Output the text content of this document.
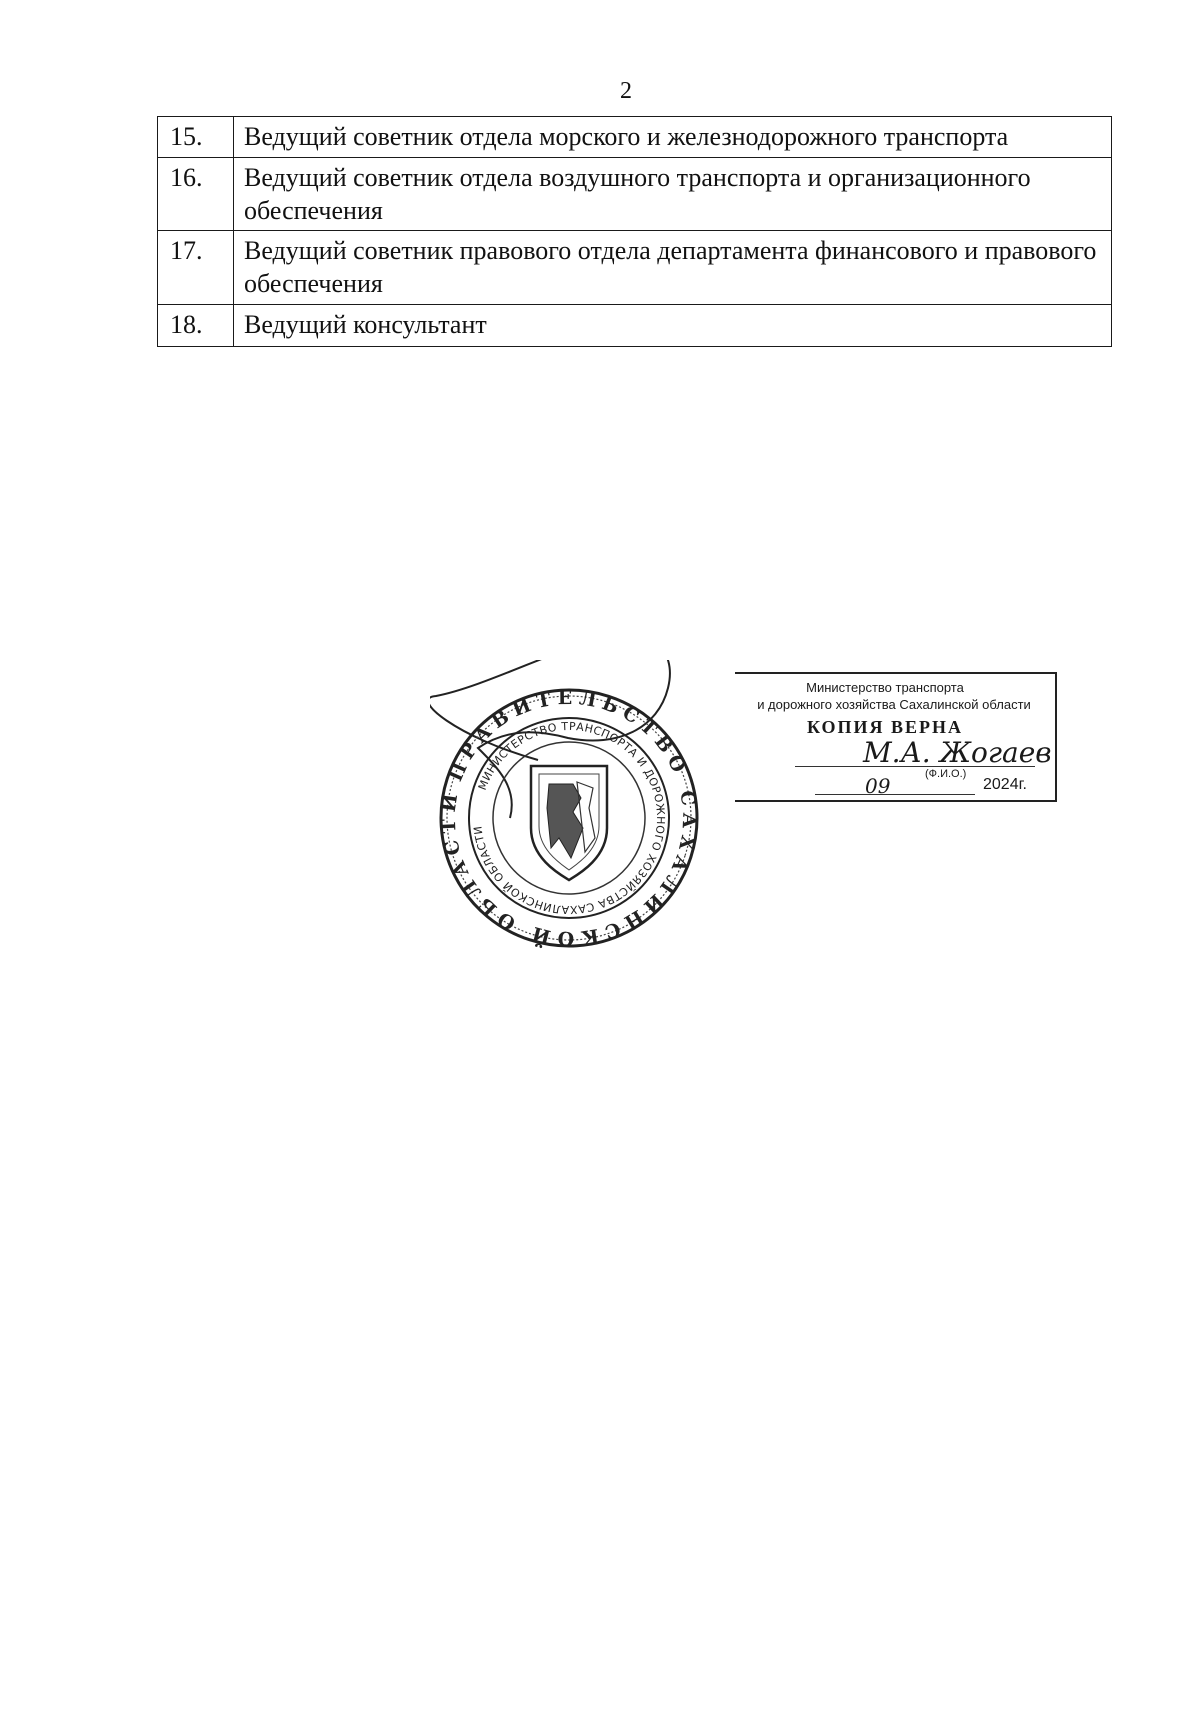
2
15.	Ведущий советник отдела морского и железнодорожного транспорта
16.	Ведущий советник отдела воздушного транспорта и организационного обеспечения
17.	Ведущий советник правового отдела департамента финансового и правового обеспечения
18.	Ведущий консультант
Министерство транспорта
и дорожного хозяйства Сахалинской области
КОПИЯ ВЕРНА
М.А. Жогаев
(Ф.И.О.)
09	2024г.
ПРАВИТЕЛЬСТВО САХАЛИНСКОЙ ОБЛАСТИ
МИНИСТЕРСТВО ТРАНСПОРТА И ДОРОЖНОГО ХОЗЯЙСТВА САХАЛИНСКОЙ ОБЛАСТИ
